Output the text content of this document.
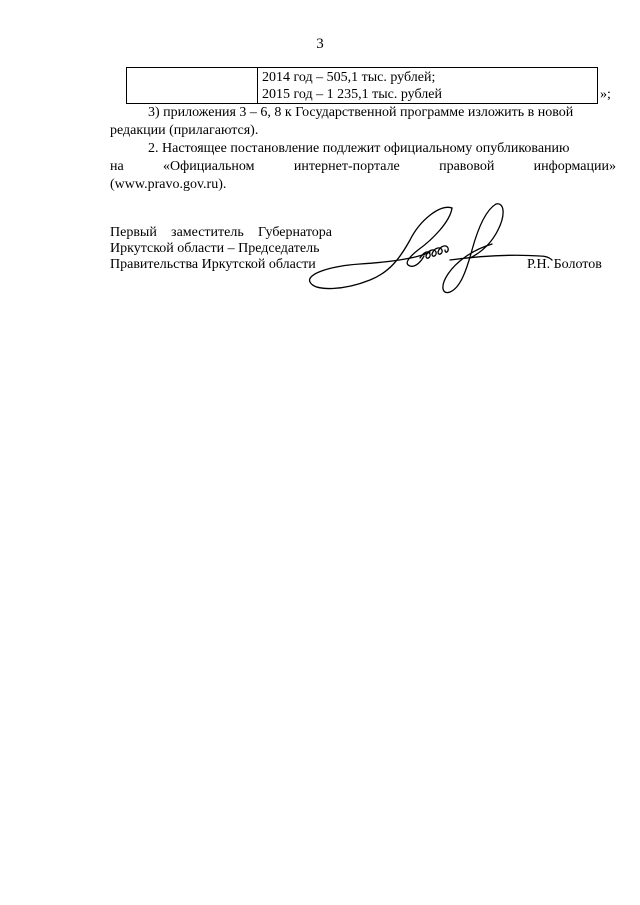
3
2014 год – 505,1 тыс. рублей;
2015 год – 1 235,1 тыс. рублей	»;
3) приложения 3 – 6, 8 к Государственной программе изложить в новой
редакции (прилагаются).
2. Настоящее постановление подлежит официальному опубликованию
на	«Официальном	интернет-портале	правовой	информации»
(www.pravo.gov.ru).
Первый заместитель Губернатора
Иркутской области – Председатель
Правительства Иркутской области	Р.Н. Болотов
